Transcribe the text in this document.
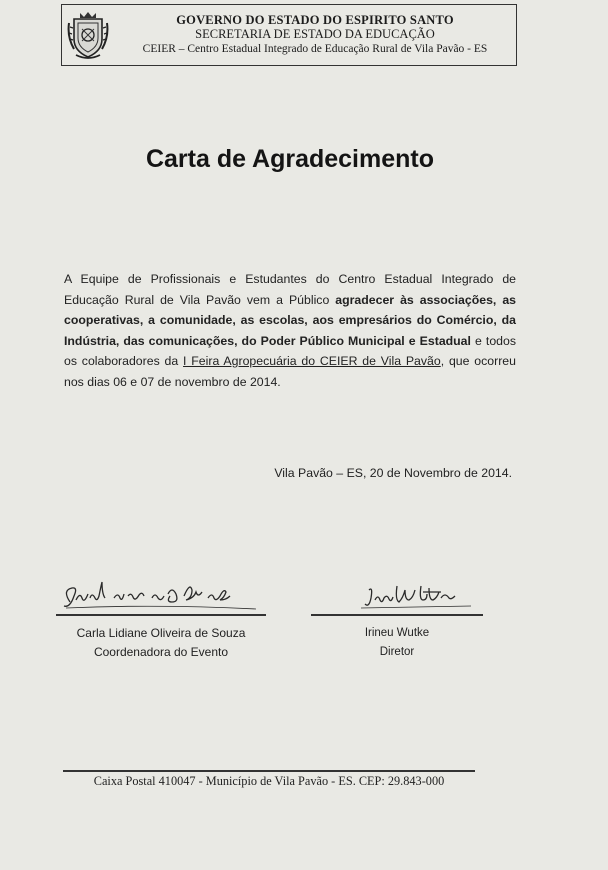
GOVERNO DO ESTADO DO ESPIRITO SANTO
SECRETARIA DE ESTADO DA EDUCAÇÃO
CEIER – Centro Estadual Integrado de Educação Rural de Vila Pavão - ES
Carta de Agradecimento
A Equipe de Profissionais e Estudantes do Centro Estadual Integrado de Educação Rural de Vila Pavão vem a Público agradecer às associações, as cooperativas, a comunidade, as escolas, aos empresários do Comércio, da Indústria, das comunicações, do Poder Público Municipal e Estadual e todos os colaboradores da I Feira Agropecuária do CEIER de Vila Pavão, que ocorreu nos dias 06 e 07 de novembro de 2014.
Vila Pavão – ES, 20 de Novembro de 2014.
Carla Lidiane Oliveira de Souza
Coordenadora do Evento
Irineu Wutke
Diretor
Caixa Postal 410047 - Município de Vila Pavão - ES. CEP: 29.843-000
